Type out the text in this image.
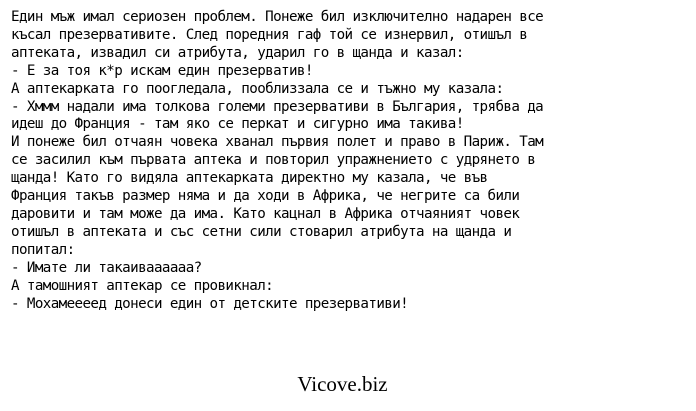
Един мъж имал сериозен проблем. Понеже бил изключително надарен все
късал презервативите. След поредния гаф той се изнервил, отишъл в
аптеката, извадил си атрибута, ударил го в щанда и казал:
- Е за тоя к*р искам един презерватив!
А аптекарката го поогледала, пооблиззала се и тъжно му казала:
- Хммм надали има толкова големи презервативи в България, трябва да
идеш до Франция - там яко се перкат и сигурно има такива!
И понеже бил отчаян човека хванал първия полет и право в Париж. Там
се засилил към първата аптека и повторил упражнението с удрянето в
щанда! Като го видяла аптекарката директно му казала, че във
Франция такъв размер няма и да ходи в Африка, че негрите са били
даровити и там може да има. Като кацнал в Африка отчаяният човек
отишъл в аптеката и със сетни сили стоварил атрибута на щанда и
попитал:
- Имате ли такаиваааааа?
А тамошният аптекар се провикнал:
- Мохамеееед донеси един от детските презервативи!
Vicove.biz
